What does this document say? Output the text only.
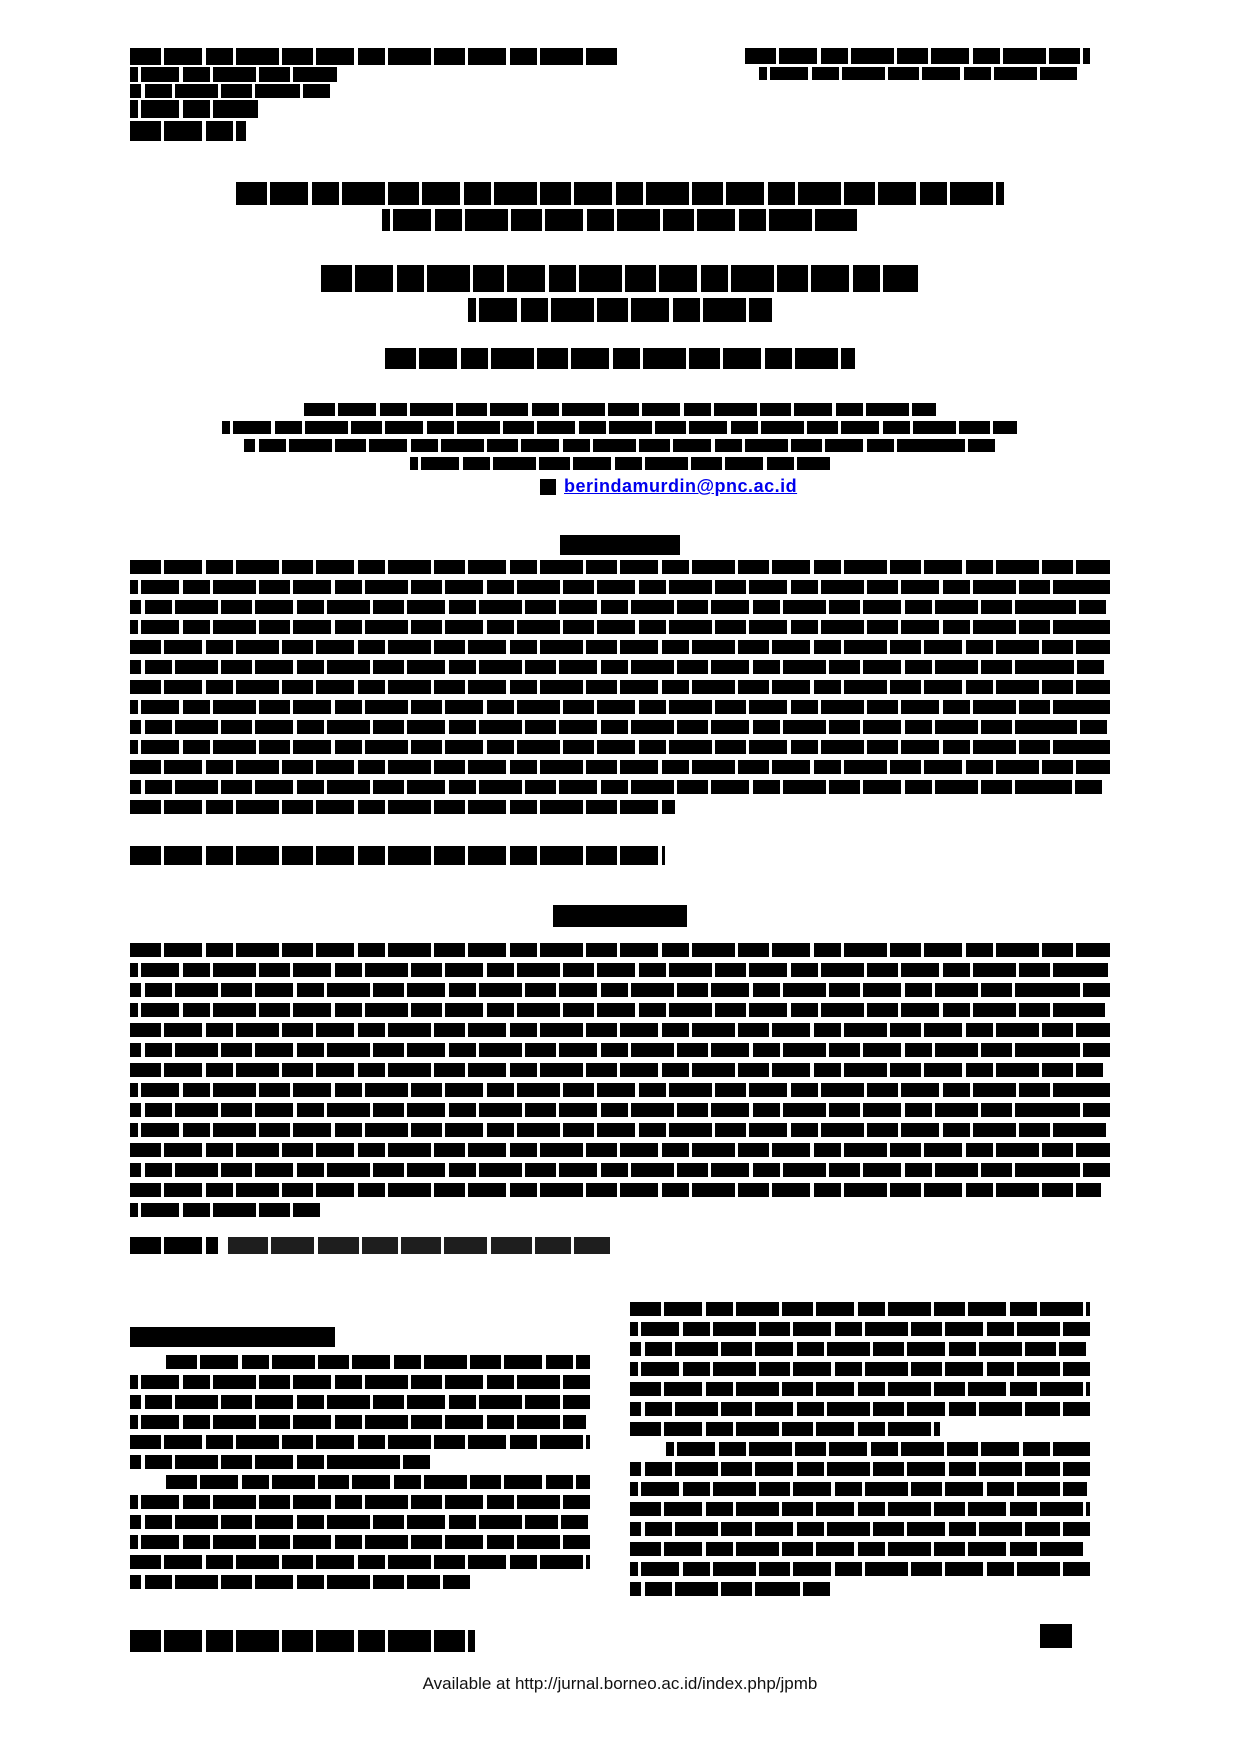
berindamurdin@pnc.ac.id
Available at http://jurnal.borneo.ac.id/index.php/jpmb
